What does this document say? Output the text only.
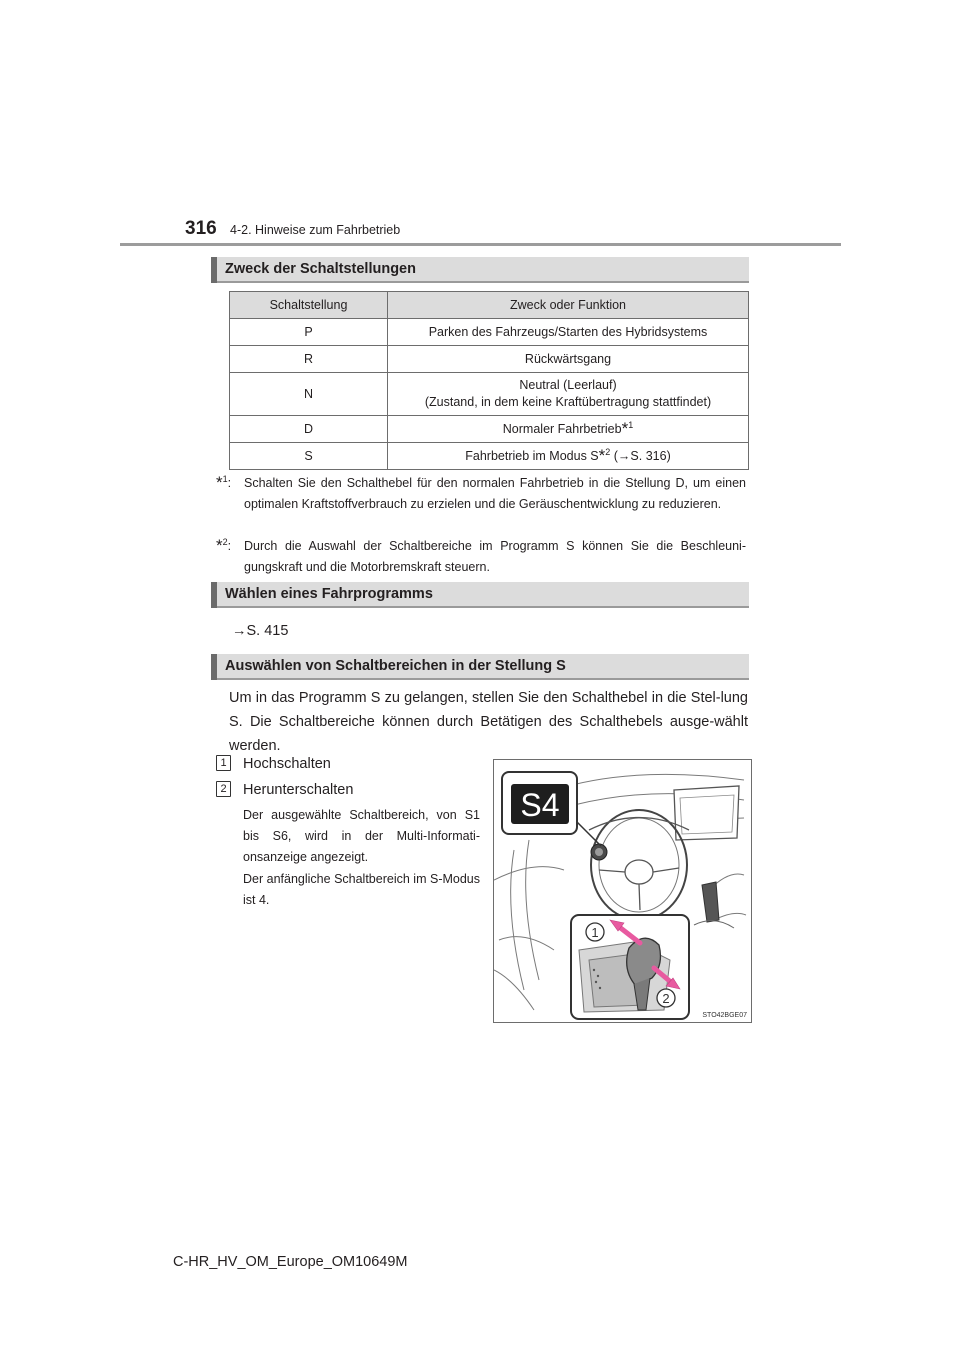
316 4-2. Hinweise zum Fahrbetrieb
Zweck der Schaltstellungen
Schaltstellung	Zweck oder Funktion
P	Parken des Fahrzeugs/Starten des Hybridsystems
R	Rückwärtsgang
N	Neutral (Leerlauf)
(Zustand, in dem keine Kraftübertragung stattfindet)

D	Normaler Fahrbetrieb*$^1$
S	Fahrbetrieb im Modus S*$^2$ (→S. 316)
*$^1$: Schalten Sie den Schalthebel für den normalen Fahrbetrieb in die Stellung D, um einen optimalen Kraftstoffverbrauch zu erzielen und die Geräuschentwicklung zu reduzieren.
*$^2$: Durch die Auswahl der Schaltbereiche im Programm S können Sie die Beschleuni-gungskraft und die Motorbremskraft steuern.
Wählen eines Fahrprogramms
→S. 415
Auswählen von Schaltbereichen in der Stellung S
Um in das Programm S zu gelangen, stellen Sie den Schalthebel in die Stel-lung S. Die Schaltbereiche können durch Betätigen des Schalthebels ausge-wählt werden.
1	Hochschalten
2	Herunterschalten
Der ausgewählte Schaltbereich, von S1 bis S6, wird in der Multi-Informati-onsanzeige angezeigt.
Der anfängliche Schaltbereich im S-Modus ist 4.
S4
1
2
STO42BGE07
C-HR_HV_OM_Europe_OM10649M
